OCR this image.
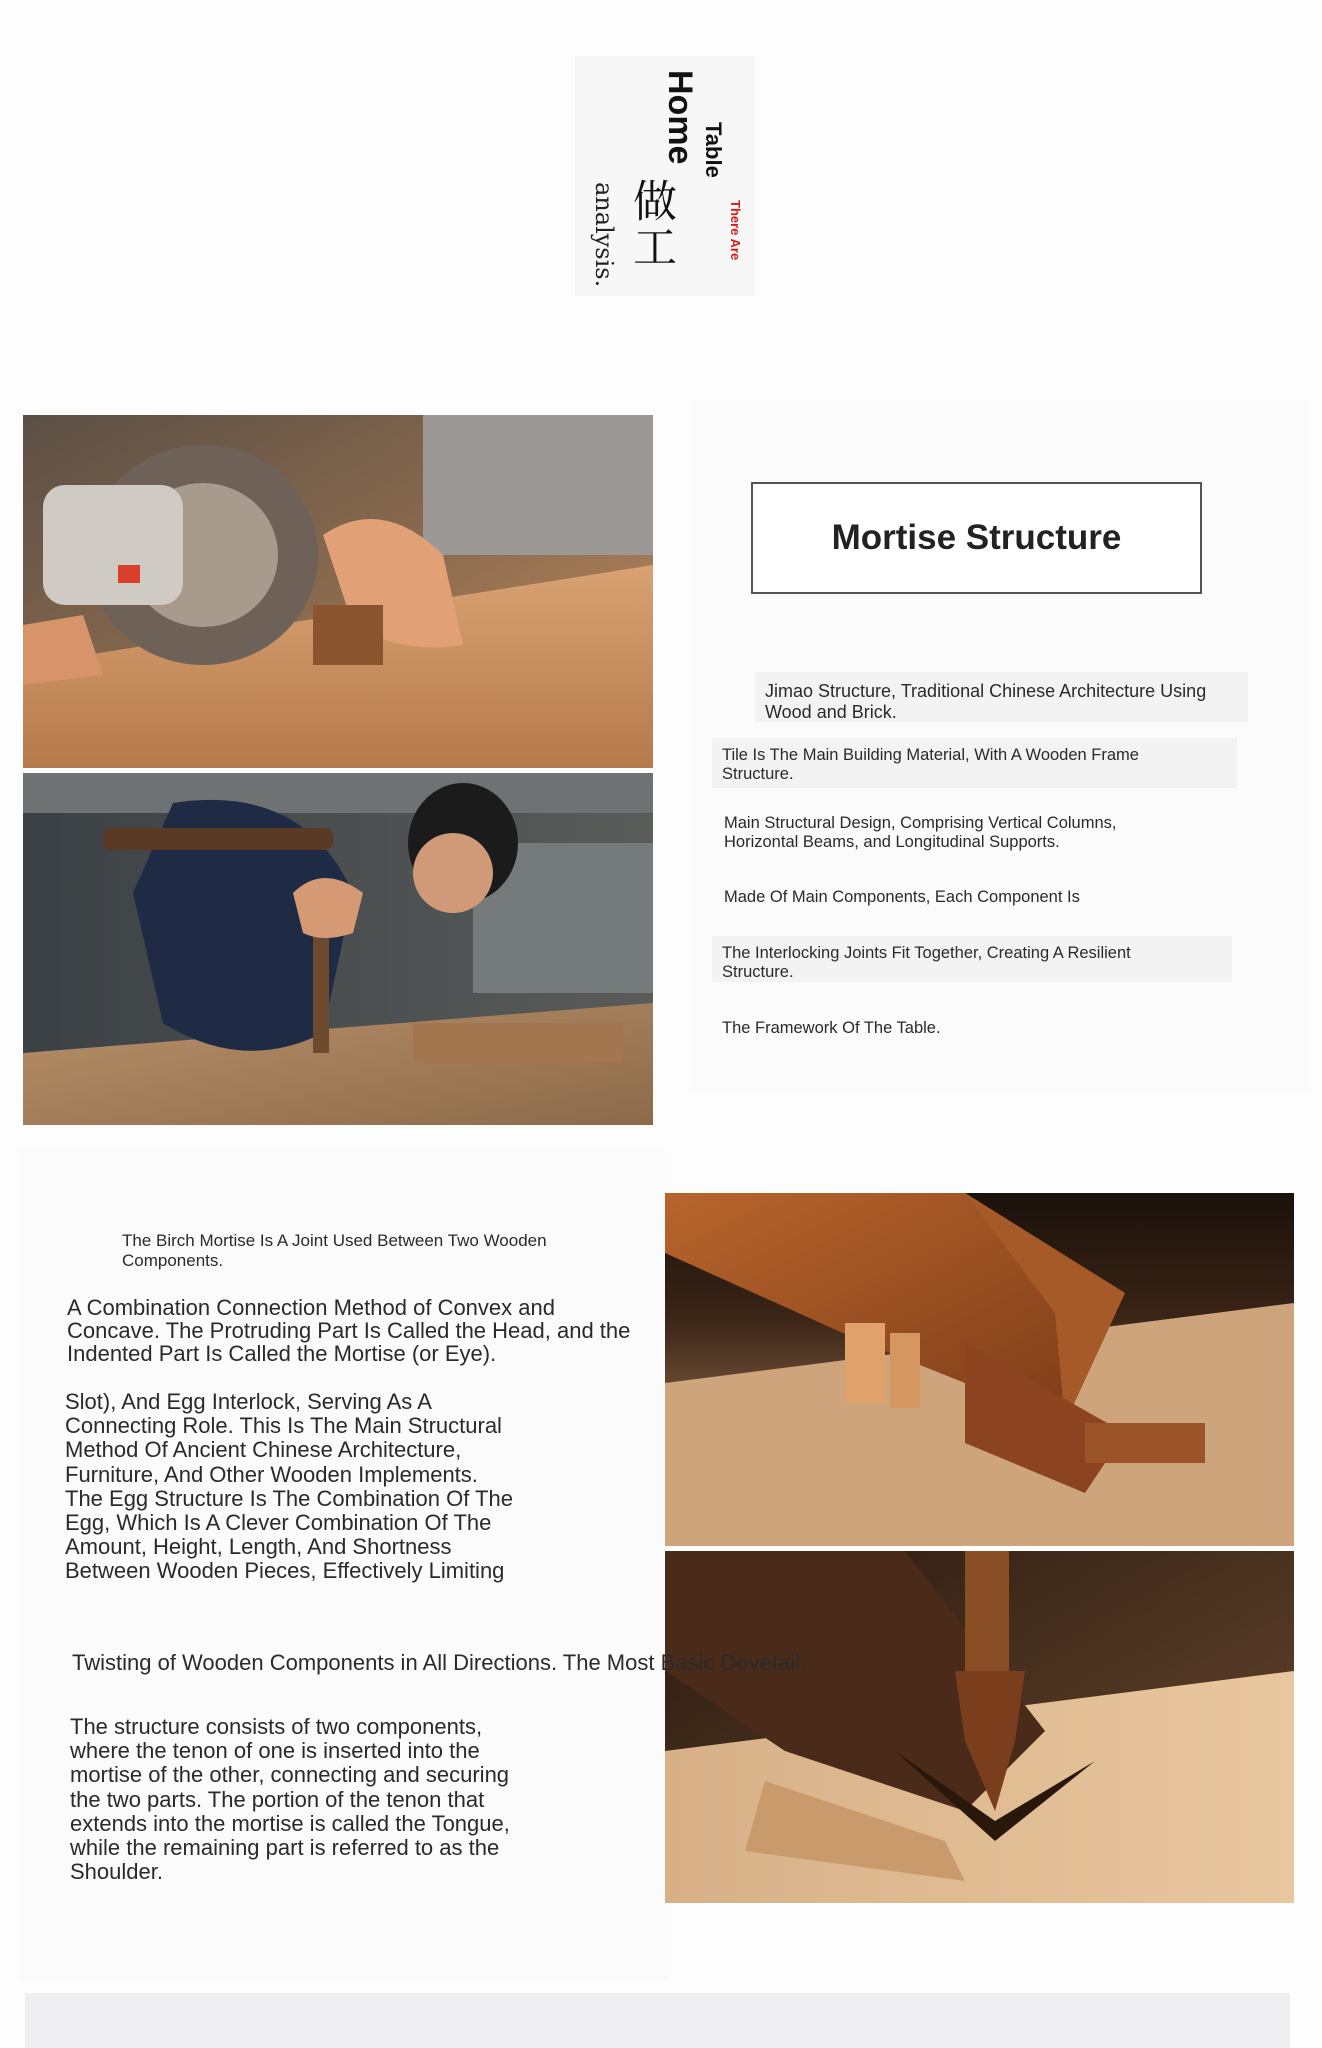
Home Table
There Are
做工
analysis.
Mortise Structure
Jimao Structure, Traditional Chinese Architecture Using Wood and Brick.
Tile Is The Main Building Material, With A Wooden Frame Structure.
Main Structural Design, Comprising Vertical Columns, Horizontal Beams, and Longitudinal Supports.
Made Of Main Components, Each Component Is
The Interlocking Joints Fit Together, Creating A Resilient Structure.
The Framework Of The Table.
The Birch Mortise Is A Joint Used Between Two Wooden Components.
A Combination Connection Method of Convex and Concave. The Protruding Part Is Called the Head, and the Indented Part Is Called the Mortise (or Eye).
Slot), And Egg Interlock, Serving As A Connecting Role. This Is The Main Structural Method Of Ancient Chinese Architecture, Furniture, And Other Wooden Implements. The Egg Structure Is The Combination Of The Egg, Which Is A Clever Combination Of The Amount, Height, Length, And Shortness Between Wooden Pieces, Effectively Limiting
Twisting of Wooden Components in All Directions. The Most Basic Dovetail.
The structure consists of two components, where the tenon of one is inserted into the mortise of the other, connecting and securing the two parts. The portion of the tenon that extends into the mortise is called the Tongue, while the remaining part is referred to as the Shoulder.
